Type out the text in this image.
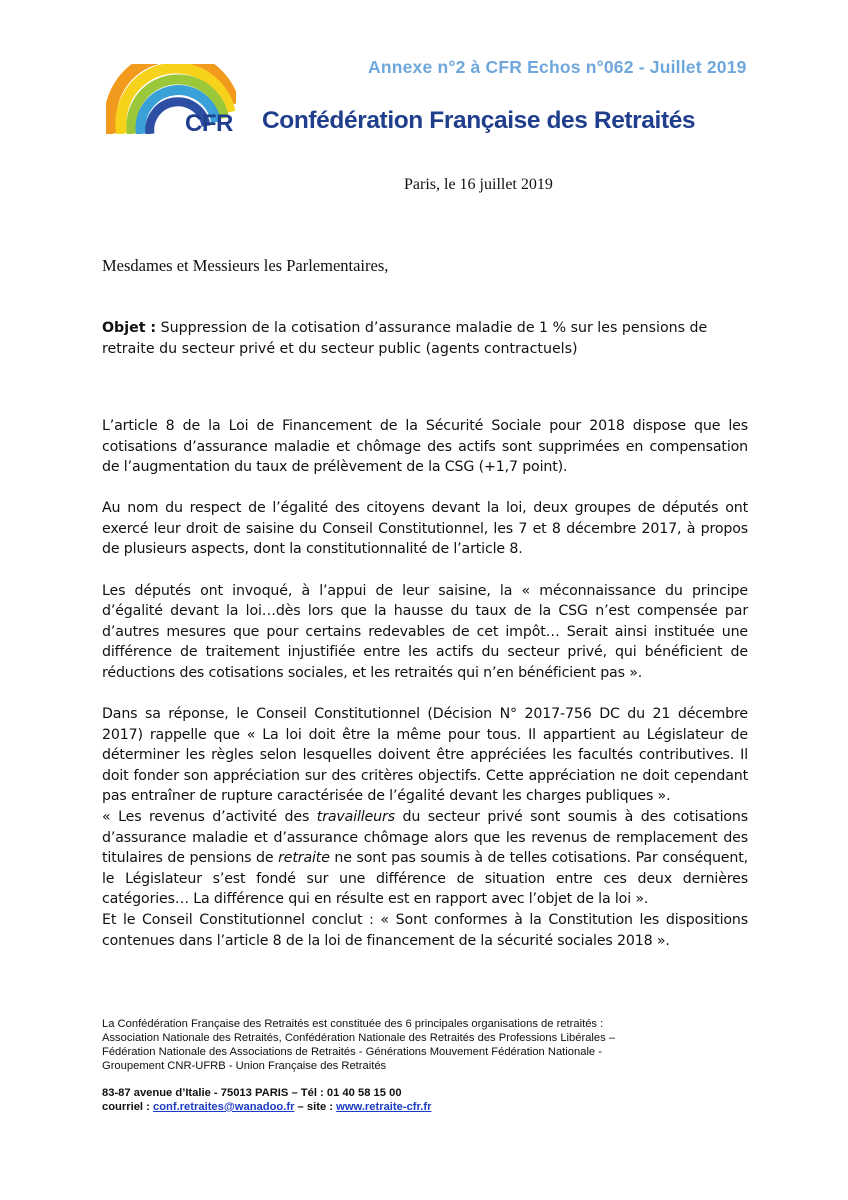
Annexe n°2 à CFR Echos n°062 - Juillet 2019
CFR Confédération Française des Retraités
Paris, le 16 juillet 2019
Mesdames et Messieurs les Parlementaires,
Objet : Suppression de la cotisation d’assurance maladie de 1 % sur les pensions de retraite du secteur privé et du secteur public (agents contractuels)

L’article 8 de la Loi de Financement de la Sécurité Sociale pour 2018 dispose que les cotisations d’assurance maladie et chômage des actifs sont supprimées en compensation de l’augmentation du taux de prélèvement de la CSG (+1,7 point).

Au nom du respect de l’égalité des citoyens devant la loi, deux groupes de députés ont exercé leur droit de saisine du Conseil Constitutionnel, les 7 et 8 décembre 2017, à propos de plusieurs aspects, dont la constitutionnalité de l’article 8.

Les députés ont invoqué, à l’appui de leur saisine, la « méconnaissance du principe d’égalité devant la loi…dès lors que la hausse du taux de la CSG n’est compensée par d’autres mesures que pour certains redevables de cet impôt… Serait ainsi instituée une différence de traitement injustifiée entre les actifs du secteur privé, qui bénéficient de réductions des cotisations sociales, et les retraités qui n’en bénéficient pas ».

Dans sa réponse, le Conseil Constitutionnel (Décision N° 2017-756 DC du 21 décembre 2017) rappelle que « La loi doit être la même pour tous. Il appartient au Législateur de déterminer les règles selon lesquelles doivent être appréciées les facultés contributives. Il doit fonder son appréciation sur des critères objectifs. Cette appréciation ne doit cependant pas entraîner de rupture caractérisée de l’égalité devant les charges publiques ».

« Les revenus d’activité des travailleurs du secteur privé sont soumis à des cotisations d’assurance maladie et d’assurance chômage alors que les revenus de remplacement des titulaires de pensions de retraite ne sont pas soumis à de telles cotisations. Par conséquent, le Législateur s’est fondé sur une différence de situation entre ces deux dernières catégories… La différence qui en résulte est en rapport avec l’objet de la loi ».

Et le Conseil Constitutionnel conclut : « Sont conformes à la Constitution les dispositions contenues dans l’article 8 de la loi de financement de la sécurité sociales 2018 ».

La Confédération Française des Retraités est constituée des 6 principales organisations de retraités :
Association Nationale des Retraités, Confédération Nationale des Retraités des Professions Libérales –
Fédération Nationale des Associations de Retraités - Générations Mouvement Fédération Nationale -
Groupement CNR-UFRB - Union Française des Retraités
83-87 avenue d’Italie - 75013 PARIS – Tél : 01 40 58 15 00
courriel : conf.retraites@wanadoo.fr – site : www.retraite-cfr.fr
